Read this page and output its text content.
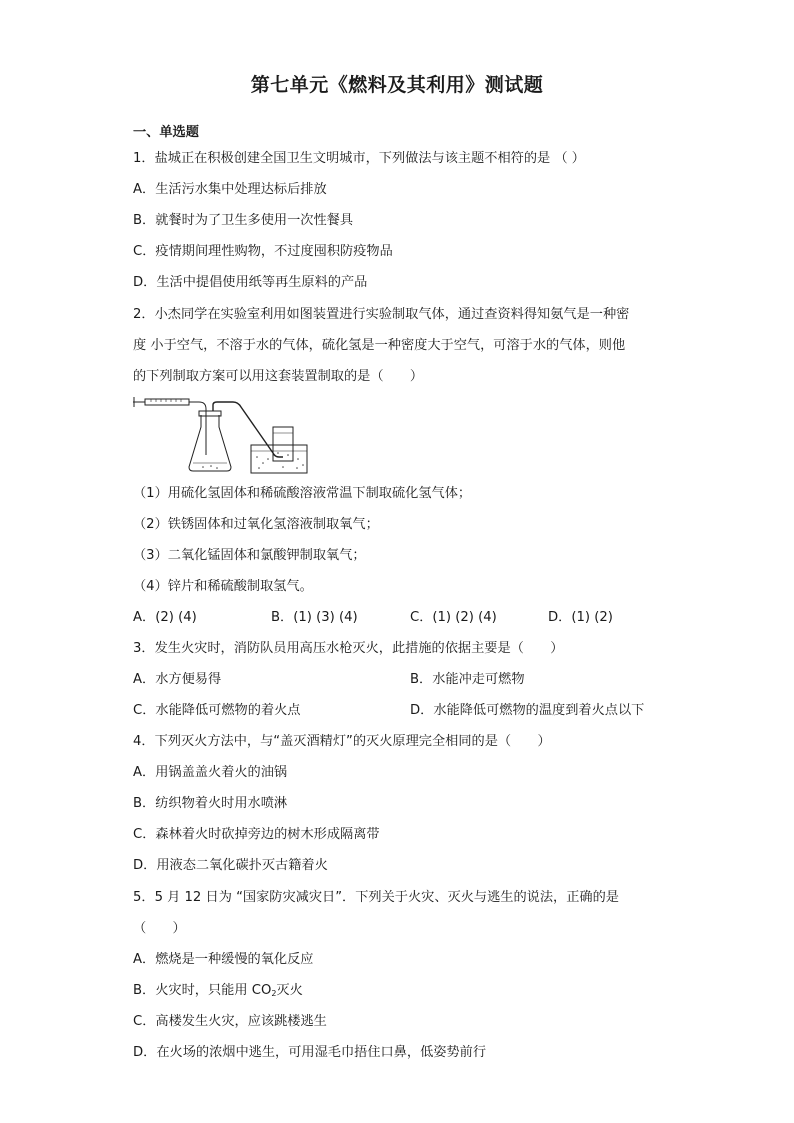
第七单元《燃料及其利用》测试题
一、单选题
1．盐城正在积极创建全国卫生文明城市，下列做法与该主题不相符的是 （ ）
A．生活污水集中处理达标后排放
B．就餐时为了卫生多使用一次性餐具
C．疫情期间理性购物，不过度囤积防疫物品
D．生活中提倡使用纸等再生原料的产品
2．小杰同学在实验室利用如图装置进行实验制取气体，通过查资料得知氨气是一种密
度 小于空气，不溶于水的气体，硫化氢是一种密度大于空气，可溶于水的气体，则他
的下列制取方案可以用这套装置制取的是（　　）
（1）用硫化氢固体和稀硫酸溶液常温下制取硫化氢气体；
（2）铁锈固体和过氧化氢溶液制取氧气；
（3）二氧化锰固体和氯酸钾制取氧气；
（4）锌片和稀硫酸制取氢气。
A．(2) (4)	B．(1) (3) (4)	C．(1) (2) (4)	D．(1) (2)
3．发生火灾时，消防队员用高压水枪灭火，此措施的依据主要是（　　）
A．水方便易得	B．水能冲走可燃物
C．水能降低可燃物的着火点	D．水能降低可燃物的温度到着火点以下
4．下列灭火方法中，与“盖灭酒精灯”的灭火原理完全相同的是（　　）
A．用锅盖盖火着火的油锅
B．纺织物着火时用水喷淋
C．森林着火时砍掉旁边的树木形成隔离带
D．用液态二氧化碳扑灭古籍着火
5．5 月 12 日为 “国家防灾减灾日”．下列关于火灾、灭火与逃生的说法，正确的是
（　　）
A．燃烧是一种缓慢的氧化反应
B．火灾时，只能用 $CO_2$灭火
C．高楼发生火灾，应该跳楼逃生
D．在火场的浓烟中逃生，可用湿毛巾捂住口鼻，低姿势前行
